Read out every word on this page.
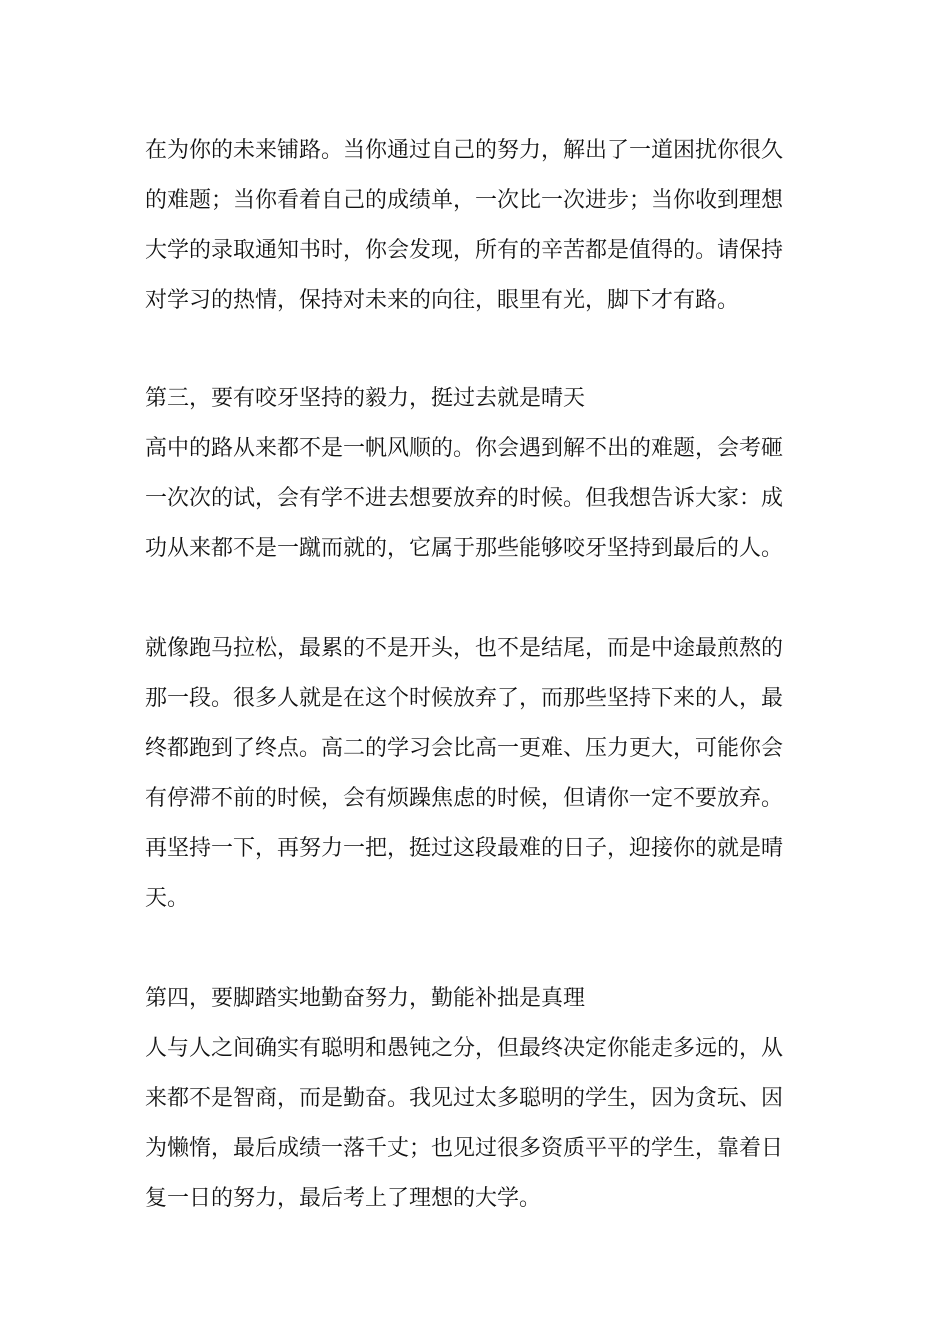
在为你的未来铺路。当你通过自己的努力，解出了一道困扰你很久
的难题；当你看着自己的成绩单，一次比一次进步；当你收到理想
大学的录取通知书时，你会发现，所有的辛苦都是值得的。请保持
对学习的热情，保持对未来的向往，眼里有光，脚下才有路。
第三，要有咬牙坚持的毅力，挺过去就是晴天
高中的路从来都不是一帆风顺的。你会遇到解不出的难题，会考砸
一次次的试，会有学不进去想要放弃的时候。但我想告诉大家：成
功从来都不是一蹴而就的，它属于那些能够咬牙坚持到最后的人。
就像跑马拉松，最累的不是开头，也不是结尾，而是中途最煎熬的
那一段。很多人就是在这个时候放弃了，而那些坚持下来的人，最
终都跑到了终点。高二的学习会比高一更难、压力更大，可能你会
有停滞不前的时候，会有烦躁焦虑的时候，但请你一定不要放弃。
再坚持一下，再努力一把，挺过这段最难的日子，迎接你的就是晴
天。
第四，要脚踏实地勤奋努力，勤能补拙是真理
人与人之间确实有聪明和愚钝之分，但最终决定你能走多远的，从
来都不是智商，而是勤奋。我见过太多聪明的学生，因为贪玩、因
为懒惰，最后成绩一落千丈；也见过很多资质平平的学生，靠着日
复一日的努力，最后考上了理想的大学。
